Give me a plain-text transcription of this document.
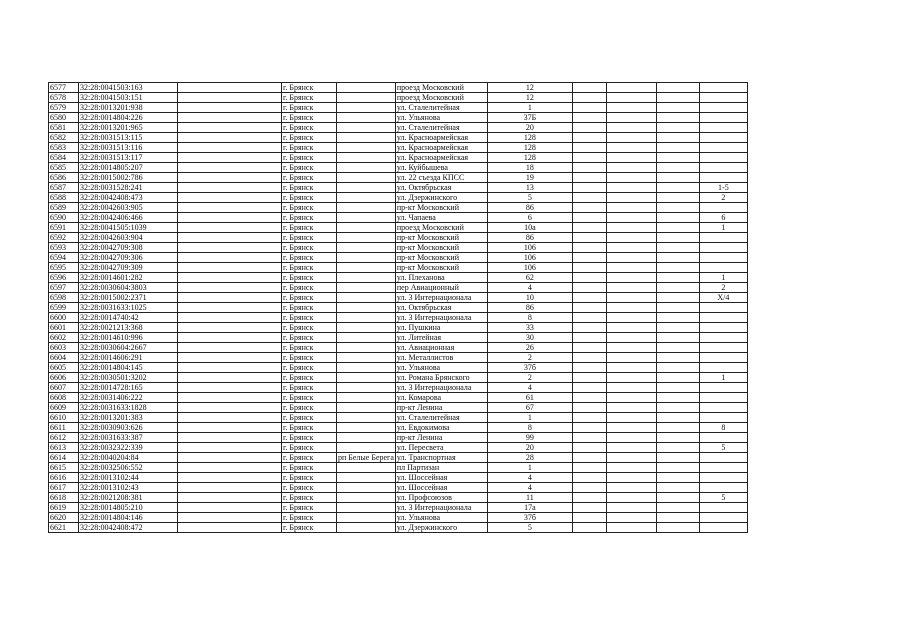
6577	32:28:0041503:163		г. Брянск		проезд Московский	12				
6578	32:28:0041503:151		г. Брянск		проезд Московский	12				
6579	32:28:0013201:938		г. Брянск		ул. Сталелитейная	1				
6580	32:28:0014804:226		г. Брянск		ул. Ульянова	37Б				
6581	32:28:0013201:965		г. Брянск		ул. Сталелитейная	20				
6582	32:28:0031513:115		г. Брянск		ул. Красноармейская	128				
6583	32:28:0031513:116		г. Брянск		ул. Красноармейская	128				
6584	32:28:0031513:117		г. Брянск		ул. Красноармейская	128				
6585	32:28:0014805:207		г. Брянск		ул. Куйбышева	18				
6586	32:28:0015002:786		г. Брянск		ул. 22 съезда КПСС	19				
6587	32:28:0031528:241		г. Брянск		ул. Октябрьская	13				1-5
6588	32:28:0042408:473		г. Брянск		ул. Дзержинского	5				2
6589	32:28:0042603:905		г. Брянск		пр-кт Московский	86				
6590	32:28:0042406:466		г. Брянск		ул. Чапаева	6				6
6591	32:28:0041505:1039		г. Брянск		проезд Московский	10а				1
6592	32:28:0042603:904		г. Брянск		пр-кт Московский	86				
6593	32:28:0042709:308		г. Брянск		пр-кт Московский	106				
6594	32:28:0042709:306		г. Брянск		пр-кт Московский	106				
6595	32:28:0042709:309		г. Брянск		пр-кт Московский	106				
6596	32:28:0014601:282		г. Брянск		ул. Плеханова	62				1
6597	32:28:0030604:3803		г. Брянск		пер Авиационный	4				2
6598	32:28:0015002:2371		г. Брянск		ул. 3 Интернационала	10				X/4
6599	32:28:0031633:1025		г. Брянск		ул. Октябрьская	86				
6600	32:28:0014740:42		г. Брянск		ул. 3 Интернационала	8				
6601	32:28:0021213:368		г. Брянск		ул. Пушкина	33				
6602	32:28:0014610:996		г. Брянск		ул. Литейная	30				
6603	32:28:0030604:2667		г. Брянск		ул. Авиационная	26				
6604	32:28:0014606:291		г. Брянск		ул. Металлистов	2				
6605	32:28:0014804:145		г. Брянск		ул. Ульянова	37б				
6606	32:28:0030501:3202		г. Брянск		ул. Романа Брянского	2				1
6607	32:28:0014728:165		г. Брянск		ул. 3 Интернационала	4				
6608	32:28:0031406:222		г. Брянск		ул. Комарова	61				
6609	32:28:0031633:1828		г. Брянск		пр-кт Ленина	67				
6610	32:28:0013201:383		г. Брянск		ул. Сталелитейная	1				
6611	32:28:0030903:626		г. Брянск		ул. Евдокимова	8				8
6612	32:28:0031633:387		г. Брянск		пр-кт Ленина	99				
6613	32:28:0032322:339		г. Брянск		ул. Пересвета	20				5
6614	32:28:0040204:84		г. Брянск	рп Белые Берега	ул. Транспортная	28				
6615	32:28:0032506:552		г. Брянск		пл Партизан	1				
6616	32:28:0013102:44		г. Брянск		ул. Шоссейная	4				
6617	32:28:0013102:43		г. Брянск		ул. Шоссейная	4				
6618	32:28:0021208:381		г. Брянск		ул. Профсоюзов	11				5
6619	32:28:0014805:210		г. Брянск		ул. 3 Интернационала	17а				
6620	32:28:0014804:146		г. Брянск		ул. Ульянова	37б				
6621	32:28:0042408:472		г. Брянск		ул. Дзержинского	5				
